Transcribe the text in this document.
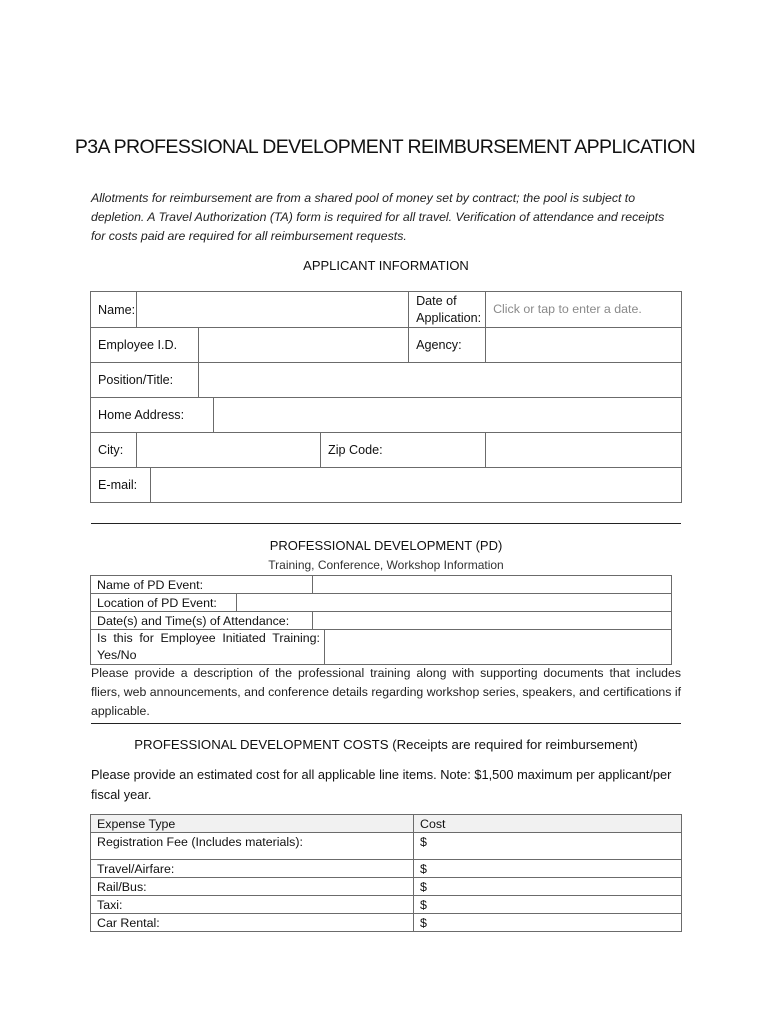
P3A PROFESSIONAL DEVELOPMENT REIMBURSEMENT APPLICATION
Allotments for reimbursement are from a shared pool of money set by contract; the pool is subject to depletion. A Travel Authorization (TA) form is required for all travel. Verification of attendance and receipts for costs paid are required for all reimbursement requests.
APPLICANT INFORMATION
Name:						Date of Application:	Click or tap to enter a date.
Employee I.D.						Agency:	
Position/Title:							
Home Address:							
City:					Zip Code:		
E-mail:							
PROFESSIONAL DEVELOPMENT (PD)
Training, Conference, Workshop Information
Name of PD Event:			
Location of PD Event:			
Date(s) and Time(s) of Attendance:			
Is this for Employee Initiated Training: Yes/No			
Please provide a description of the professional training along with supporting documents that includes fliers, web announcements, and conference details regarding workshop series, speakers, and certifications if applicable.
PROFESSIONAL DEVELOPMENT COSTS (Receipts are required for reimbursement)
Please provide an estimated cost for all applicable line items. Note: $1,500 maximum per applicant/per fiscal year.
Expense Type	Cost
Registration Fee (Includes materials):	$
Travel/Airfare:	$
Rail/Bus:	$
Taxi:	$
Car Rental:	$
